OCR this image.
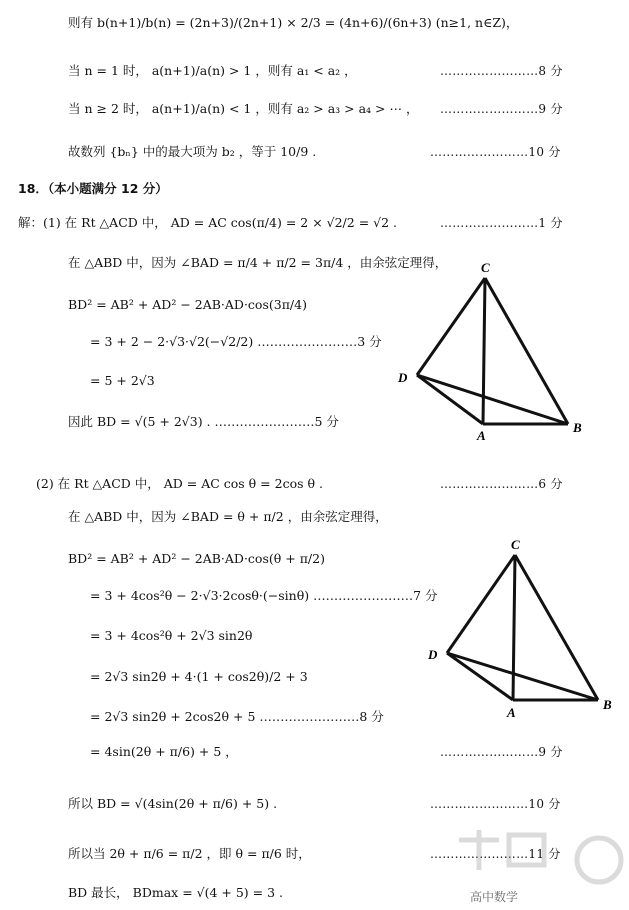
则有 b(n+1)/b(n) = (2n+3)/(2n+1) × 2/3 = (4n+6)/(6n+3) (n≥1, n∈Z)，
当 n = 1 时， a(n+1)/a(n) > 1 ，则有 a₁ < a₂ ，	……………………8 分
当 n ≥ 2 时， a(n+1)/a(n) < 1 ，则有 a₂ > a₃ > a₄ > ⋯ ， ……………………9 分
故数列 {bₙ} 中的最大项为 b₂ ，等于 10/9 .	……………………10 分
18．（本小题满分 12 分）
解：(1) 在 Rt △ACD 中， AD = AC cos(π/4) = 2 × √2/2 = √2 .	……………………1 分
在 △ABD 中，因为 ∠BAD = π/4 + π/2 = 3π/4 ，由余弦定理得，
BD² = AB² + AD² − 2AB·AD·cos(3π/4)
= 3 + 2 − 2·√3·√2(−√2/2) ……………………3 分
= 5 + 2√3
因此 BD = √(5 + 2√3) . ……………………5 分
C
D
A
B
(2) 在 Rt △ACD 中， AD = AC cos θ = 2cos θ .	……………………6 分
在 △ABD 中，因为 ∠BAD = θ + π/2 ，由余弦定理得，
BD² = AB² + AD² − 2AB·AD·cos(θ + π/2)
= 3 + 4cos²θ − 2·√3·2cosθ·(−sinθ) ……………………7 分
= 3 + 4cos²θ + 2√3 sin2θ
= 2√3 sin2θ + 4·(1 + cos2θ)/2 + 3
= 2√3 sin2θ + 2cos2θ + 5 ……………………8 分
= 4sin(2θ + π/6) + 5 ，	……………………9 分
所以 BD = √(4sin(2θ + π/6) + 5) .	……………………10 分
所以当 2θ + π/6 = π/2 ，即 θ = π/6 时，	……………………11 分
BD 最长， BDmax = √(4 + 5) = 3 .
C
D
A
B
高中数学
